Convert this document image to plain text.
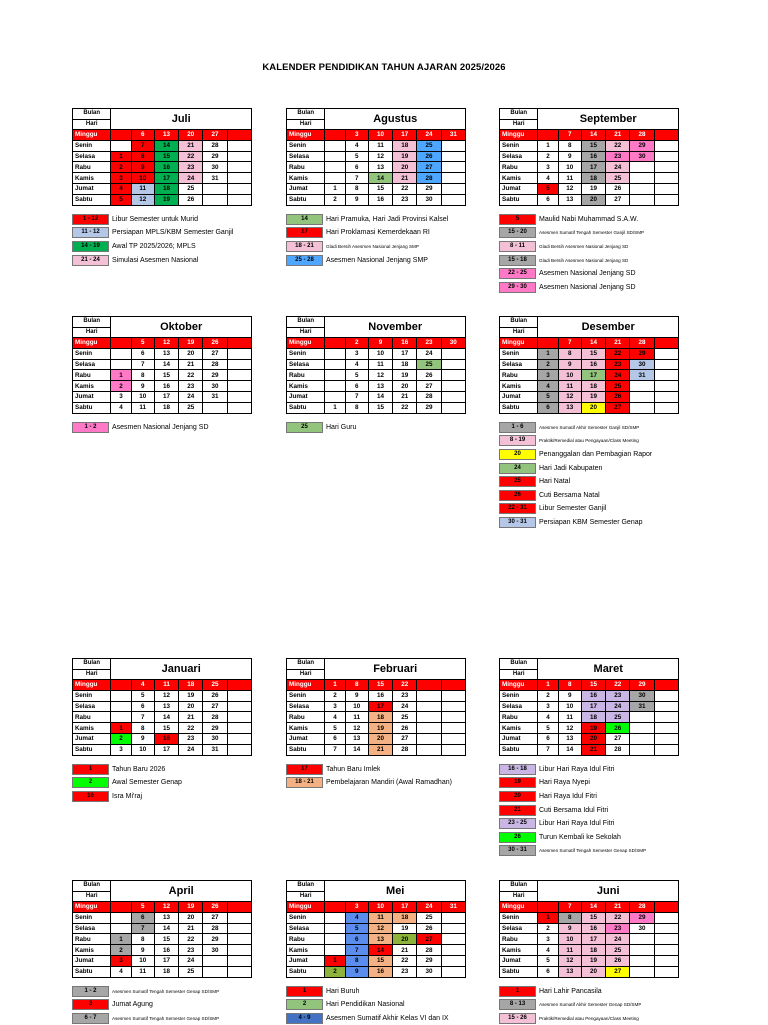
KALENDER PENDIDIKAN TAHUN AJARAN 2025/2026
Bulan	Juli					
Hari						
Minggu		6	13	20	27	
Senin		7	14	21	28	
Selasa	1	8	15	22	29	
Rabu	2	9	16	23	30	
Kamis	3	10	17	24	31	
Jumat	4	11	18	25		
Sabtu	5	12	19	26		
1 - 12	Libur Semester untuk Murid
11 - 12	Persiapan MPLS/KBM Semester Ganjil
14 - 19	Awal TP 2025/2026; MPLS
21 - 24	Simulasi Asesmen Nasional
Bulan	Agustus					
Hari						
Minggu		3	10	17	24	31
Senin		4	11	18	25	
Selasa		5	12	19	26	
Rabu		6	13	20	27	
Kamis		7	14	21	28	
Jumat	1	8	15	22	29	
Sabtu	2	9	16	23	30	
14	Hari Pramuka, Hari Jadi Provinsi Kalsel
17	Hari Proklamasi Kemerdekaan RI
18 - 21	Gladi Bersih Asesmen Nasional Jenjang SMP
25 - 28	Asesmen Nasional Jenjang SMP
Bulan	September					
Hari						
Minggu		7	14	21	28	
Senin	1	8	15	22	29	
Selasa	2	9	16	23	30	
Rabu	3	10	17	24		
Kamis	4	11	18	25		
Jumat	5	12	19	26		
Sabtu	6	13	20	27		
5	Maulid Nabi Muhammad S.A.W.
15 - 20	Asesmen Sumatif Tengah Semester Ganjil SD/SMP
8 - 11	Gladi Bersih Asesmen Nasional Jenjang SD
15 - 18	Gladi Bersih Asesmen Nasional Jenjang SD
22 - 25	Asesmen Nasional Jenjang SD
29 - 30	Asesmen Nasional Jenjang SD
Bulan	Oktober					
Hari						
Minggu		5	12	19	26	
Senin		6	13	20	27	
Selasa		7	14	21	28	
Rabu	1	8	15	22	29	
Kamis	2	9	16	23	30	
Jumat	3	10	17	24	31	
Sabtu	4	11	18	25		
1 - 2	Asesmen Nasional Jenjang SD
Bulan	November					
Hari						
Minggu		2	9	16	23	30
Senin		3	10	17	24	
Selasa		4	11	18	25	
Rabu		5	12	19	26	
Kamis		6	13	20	27	
Jumat		7	14	21	28	
Sabtu	1	8	15	22	29	
25	Hari Guru
Bulan	Desember					
Hari						
Minggu		7	14	21	28	
Senin	1	8	15	22	29	
Selasa	2	9	16	23	30	
Rabu	3	10	17	24	31	
Kamis	4	11	18	25		
Jumat	5	12	19	26		
Sabtu	6	13	20	27		
1 - 6	Asesmen Sumatif Akhir Semester Ganjil SD/SMP
8 - 19	Praktik/Remedial atau Pengayaan/Class Meeting
20	Penanggalan dan Pembagian Rapor
24	Hari Jadi Kabupaten
25	Hari Natal
26	Cuti Bersama Natal
22 - 31	Libur Semester Ganjil
30 - 31	Persiapan KBM Semester Genap
Bulan	Januari					
Hari						
Minggu		4	11	18	25	
Senin		5	12	19	26	
Selasa		6	13	20	27	
Rabu		7	14	21	28	
Kamis	1	8	15	22	29	
Jumat	2	9	16	23	30	
Sabtu	3	10	17	24	31	
1	Tahun Baru 2026
2	Awal Semester Genap
16	Isra Mi'raj
Bulan	Februari					
Hari						
Minggu	1	8	15	22		
Senin	2	9	16	23		
Selasa	3	10	17	24		
Rabu	4	11	18	25		
Kamis	5	12	19	26		
Jumat	6	13	20	27		
Sabtu	7	14	21	28		
17	Tahun Baru Imlek
18 - 21	Pembelajaran Mandiri (Awal Ramadhan)
Bulan	Maret					
Hari						
Minggu	1	8	15	22	29	
Senin	2	9	16	23	30	
Selasa	3	10	17	24	31	
Rabu	4	11	18	25		
Kamis	5	12	19	26		
Jumat	6	13	20	27		
Sabtu	7	14	21	28		
16 - 18	Libur Hari Raya Idul Fitri
19	Hari Raya Nyepi
20	Hari Raya Idul Fitri
21	Cuti Bersama Idul Fitri
23 - 25	Libur Hari Raya Idul Fitri
26	Turun Kembali ke Sekolah
30 - 31	Asesmen Sumatif Tengah Semester Genap SD/SMP
Bulan	April					
Hari						
Minggu		5	12	19	26	
Senin		6	13	20	27	
Selasa		7	14	21	28	
Rabu	1	8	15	22	29	
Kamis	2	9	16	23	30	
Jumat	3	10	17	24		
Sabtu	4	11	18	25		
1 - 2	Asesmen Sumatif Tengah Semester Genap SD/SMP
3	Jumat Agung
6 - 7	Asesmen Sumatif Tengah Semester Genap SD/SMP
Bulan	Mei					
Hari						
Minggu		3	10	17	24	31
Senin		4	11	18	25	
Selasa		5	12	19	26	
Rabu		6	13	20	27	
Kamis		7	14	21	28	
Jumat	1	8	15	22	29	
Sabtu	2	9	16	23	30	
1	Hari Buruh
2	Hari Pendidikan Nasional
4 - 9	Asesmen Sumatif Akhir Kelas VI dan IX
Bulan	Juni					
Hari						
Minggu		7	14	21	28	
Senin	1	8	15	22	29	
Selasa	2	9	16	23	30	
Rabu	3	10	17	24		
Kamis	4	11	18	25		
Jumat	5	12	19	26		
Sabtu	6	13	20	27		
1	Hari Lahir Pancasila
8 - 13	Asesmen Sumatif Akhir Semester Genap SD/SMP
15 - 26	Praktik/Remedial atau Pengayaan/Class Meeting
